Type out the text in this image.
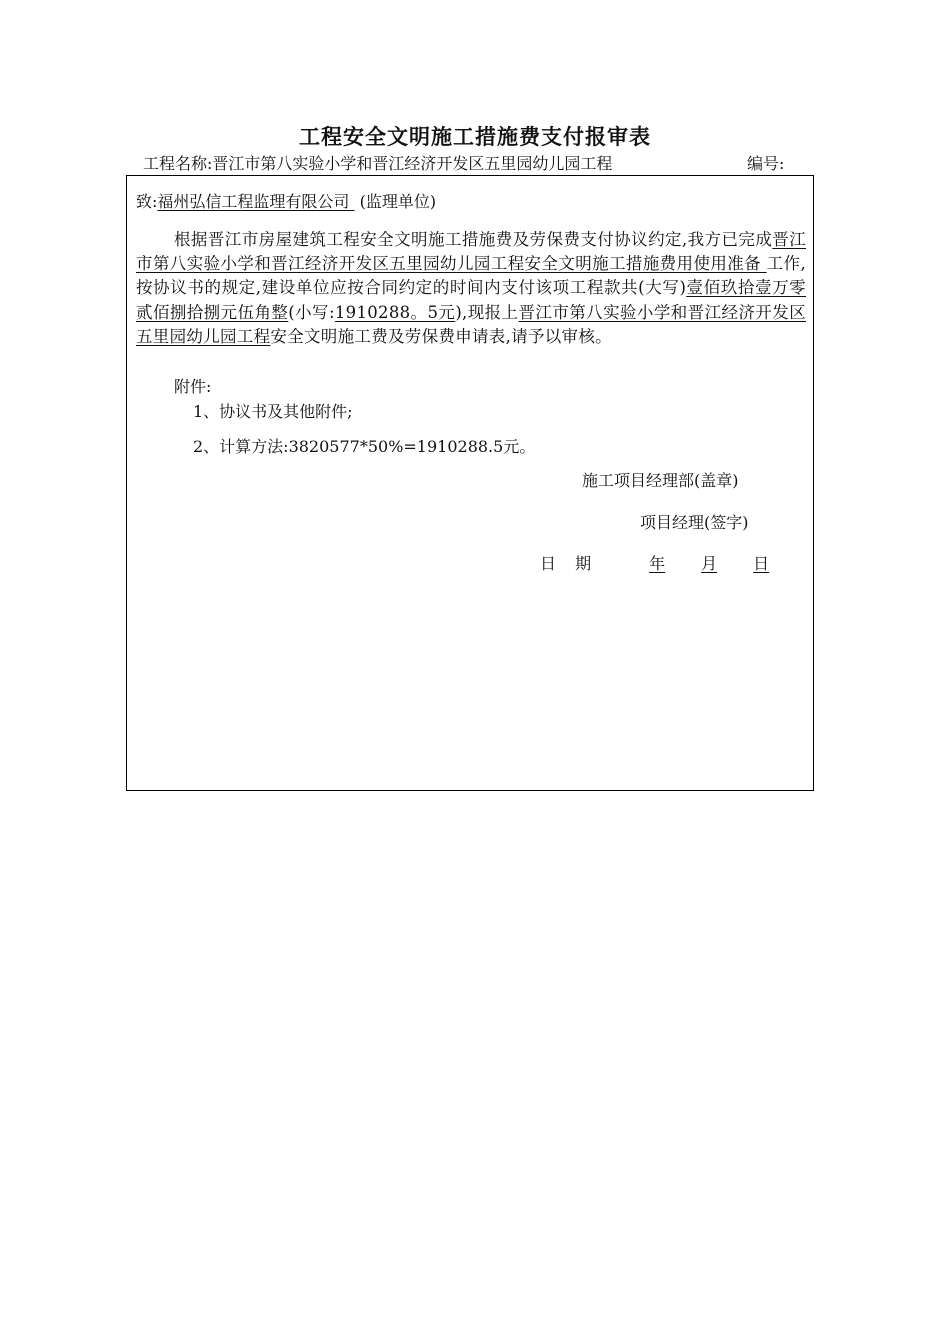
工程安全文明施工措施费支付报审表
工程名称:晋江市第八实验小学和晋江经济开发区五里园幼儿园工程	编号:
致:福州弘信工程监理有限公司 (监理单位)
根据晋江市房屋建筑工程安全文明施工措施费及劳保费支付协议约定,我方已完成晋江市第八实验小学和晋江经济开发区五里园幼儿园工程安全文明施工措施费用使用准备 工作,按协议书的规定,建设单位应按合同约定的时间内支付该项工程款共(大写)壹佰玖拾壹万零贰佰捌拾捌元伍角整(小写:1910288。5元),现报上晋江市第八实验小学和晋江经济开发区五里园幼儿园工程安全文明施工费及劳保费申请表,请予以审核。
附件:
1、协议书及其他附件;
2、计算方法:3820577*50%=1910288.5元。
施工项目经理部(盖章)
项目经理(签字)
日 期	年 月 日
